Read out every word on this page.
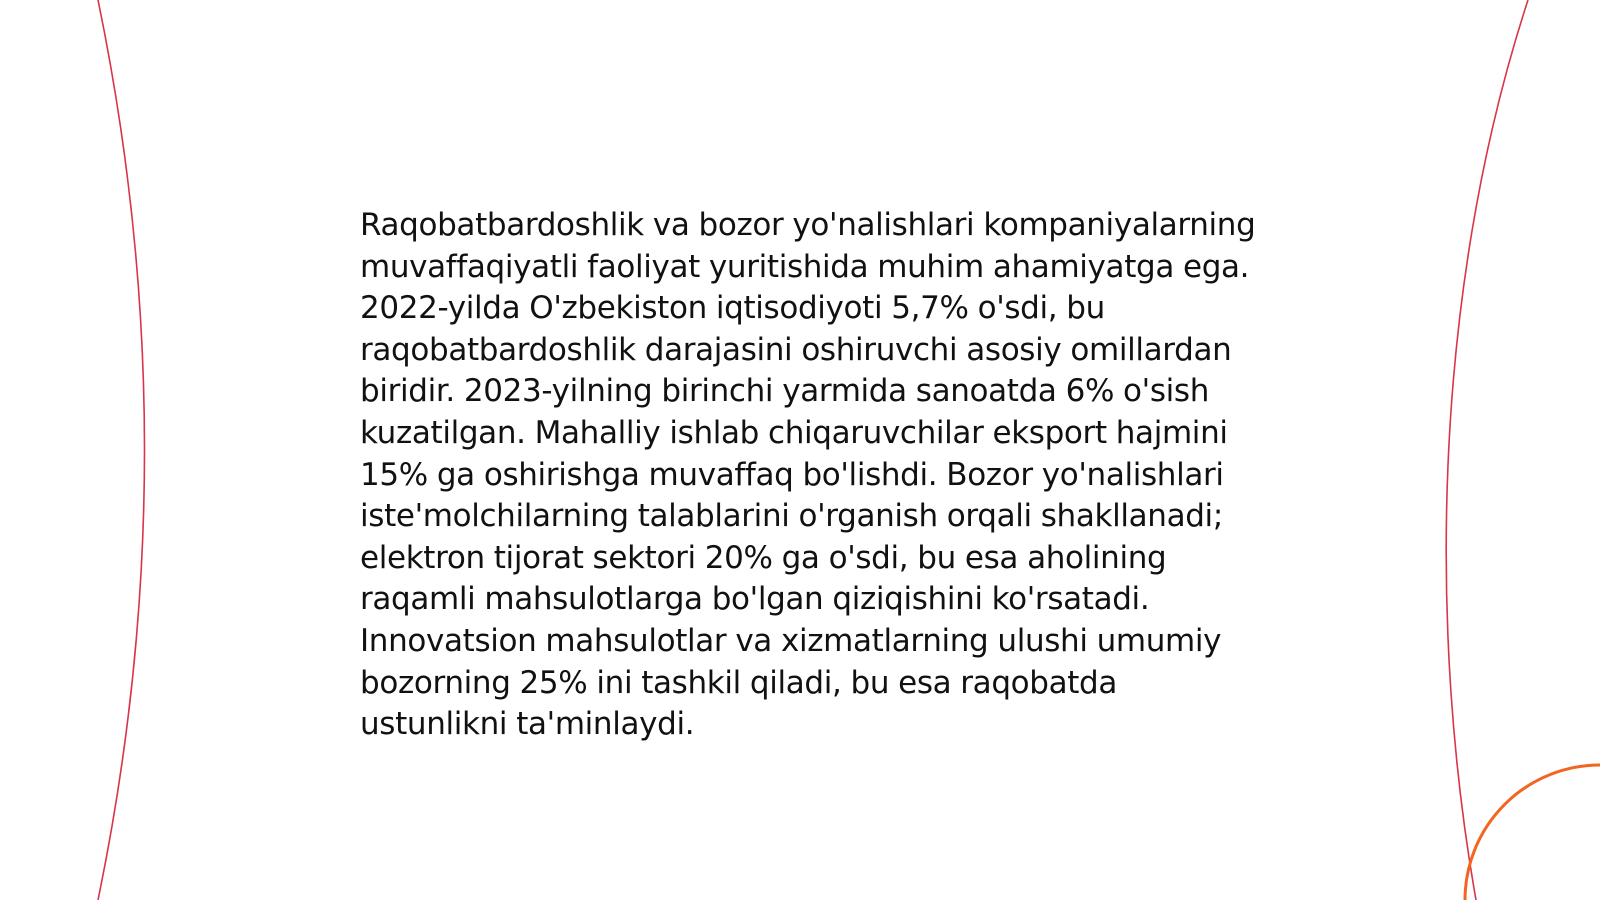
Raqobatbardoshlik va bozor yo'nalishlari kompaniyalarning muvaffaqiyatli faoliyat yuritishida muhim ahamiyatga ega. 2022-yilda O'zbekiston iqtisodiyoti 5,7% o'sdi, bu raqobatbardoshlik darajasini oshiruvchi asosiy omillardan biridir. 2023-yilning birinchi yarmida sanoatda 6% o'sish kuzatilgan. Mahalliy ishlab chiqaruvchilar eksport hajmini 15% ga oshirishga muvaffaq bo'lishdi. Bozor yo'nalishlari iste'molchilarning talablarini o'rganish orqali shakllanadi; elektron tijorat sektori 20% ga o'sdi, bu esa aholining raqamli mahsulotlarga bo'lgan qiziqishini ko'rsatadi. Innovatsion mahsulotlar va xizmatlarning ulushi umumiy bozorning 25% ini tashkil qiladi, bu esa raqobatda ustunlikni ta'minlaydi.
